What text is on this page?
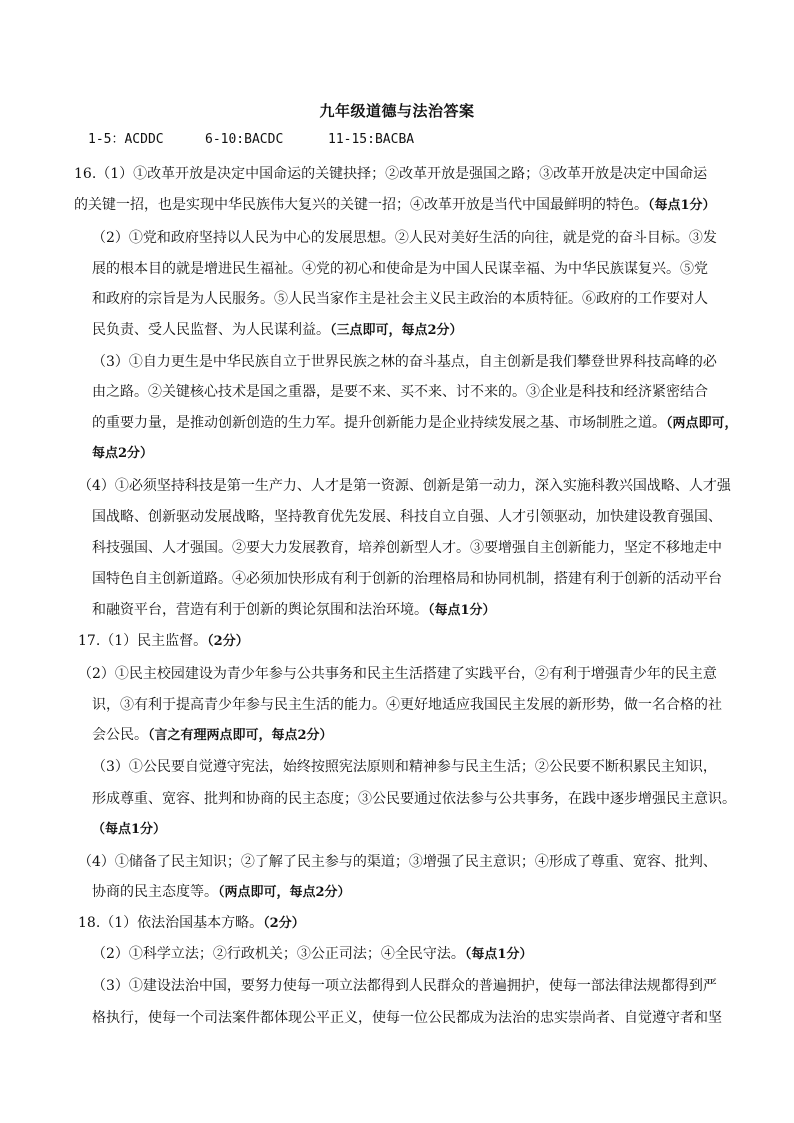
九年级道德与法治答案
1-5：ACDDC	6-10:BACDC	11-15:BACBA
16.（1）①改革开放是决定中国命运的关键抉择；②改革开放是强国之路；③改革开放是决定中国命运
的关键一招，也是实现中华民族伟大复兴的关键一招；④改革开放是当代中国最鲜明的特色。（每点1分）
（2）①党和政府坚持以人民为中心的发展思想。②人民对美好生活的向往，就是党的奋斗目标。③发
展的根本目的就是增进民生福祉。④党的初心和使命是为中国人民谋幸福、为中华民族谋复兴。⑤党
和政府的宗旨是为人民服务。⑤人民当家作主是社会主义民主政治的本质特征。⑥政府的工作要对人
民负责、受人民监督、为人民谋利益。（三点即可，每点2分）
（3）①自力更生是中华民族自立于世界民族之林的奋斗基点，自主创新是我们攀登世界科技高峰的必
由之路。②关键核心技术是国之重器，是要不来、买不来、讨不来的。③企业是科技和经济紧密结合
的重要力量，是推动创新创造的生力军。提升创新能力是企业持续发展之基、市场制胜之道。（两点即可，
每点2分）
（4）①必须坚持科技是第一生产力、人才是第一资源、创新是第一动力，深入实施科教兴国战略、人才强
国战略、创新驱动发展战略，坚持教育优先发展、科技自立自强、人才引领驱动，加快建设教育强国、
科技强国、人才强国。②要大力发展教育，培养创新型人才。③要增强自主创新能力，坚定不移地走中
国特色自主创新道路。④必须加快形成有利于创新的治理格局和协同机制，搭建有利于创新的活动平台
和融资平台，营造有利于创新的舆论氛围和法治环境。（每点1分）
17.（1）民主监督。（2分）
（2）①民主校园建设为青少年参与公共事务和民主生活搭建了实践平台，②有利于增强青少年的民主意
识，③有利于提高青少年参与民主生活的能力。④更好地适应我国民主发展的新形势，做一名合格的社
会公民。（言之有理两点即可，每点2分）
（3）①公民要自觉遵守宪法，始终按照宪法原则和精神参与民主生活；②公民要不断积累民主知识，
形成尊重、宽容、批判和协商的民主态度；③公民要通过依法参与公共事务，在践中逐步增强民主意识。
（每点1分）
（4）①储备了民主知识；②了解了民主参与的渠道；③增强了民主意识；④形成了尊重、宽容、批判、
协商的民主态度等。（两点即可，每点2分）
18.（1）依法治国基本方略。（2分）
（2）①科学立法；②行政机关；③公正司法；④全民守法。（每点1分）
（3）①建设法治中国，要努力使每一项立法都得到人民群众的普遍拥护，使每一部法律法规都得到严
格执行，使每一个司法案件都体现公平正义，使每一位公民都成为法治的忠实崇尚者、自觉遵守者和坚
